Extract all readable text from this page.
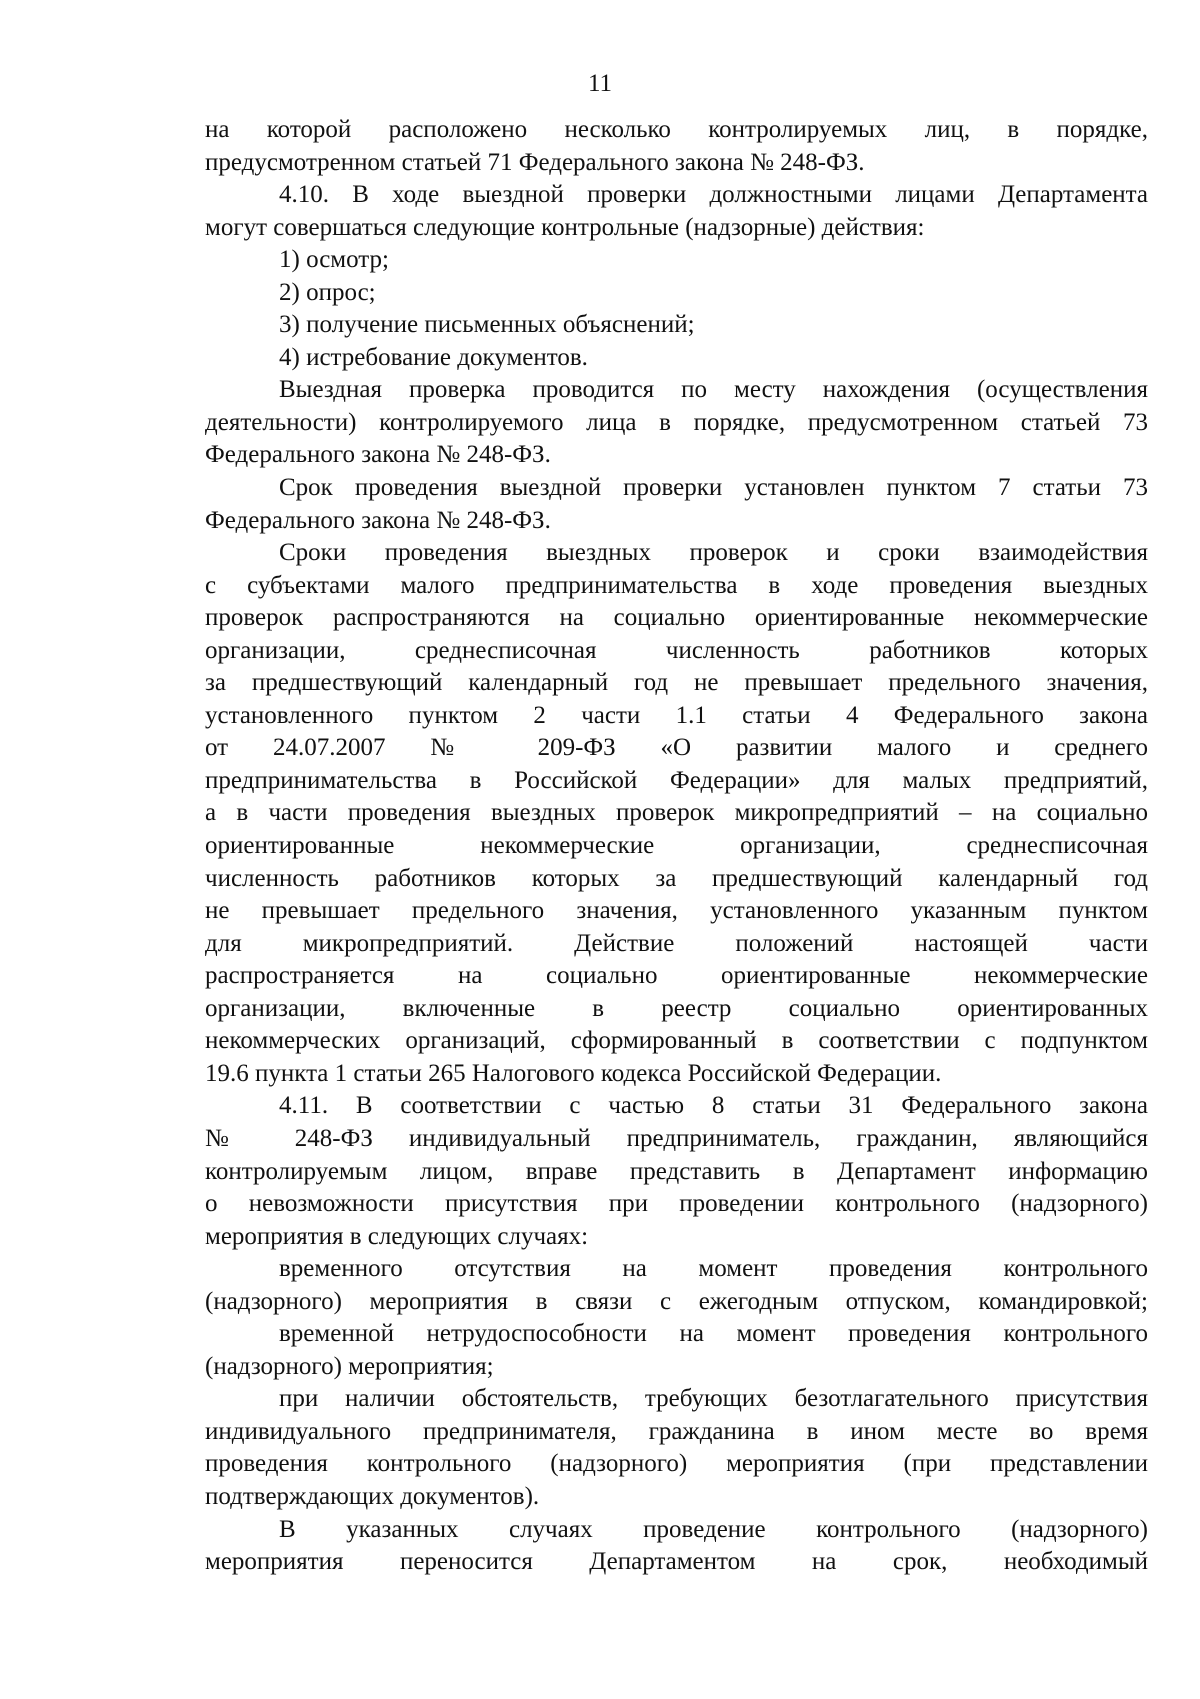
11
на которой расположено несколько контролируемых лиц, в порядке,
предусмотренном статьей 71 Федерального закона № 248-ФЗ.
4.10. В ходе выездной проверки должностными лицами Департамента
могут совершаться следующие контрольные (надзорные) действия:
1) осмотр;
2) опрос;
3) получение письменных объяснений;
4) истребование документов.
Выездная проверка проводится по месту нахождения (осуществления
деятельности) контролируемого лица в порядке, предусмотренном статьей 73
Федерального закона № 248-ФЗ.
Срок проведения выездной проверки установлен пунктом 7 статьи 73
Федерального закона № 248-ФЗ.
Сроки проведения выездных проверок и сроки взаимодействия
с субъектами малого предпринимательства в ходе проведения выездных
проверок распространяются на социально ориентированные некоммерческие
организации, среднесписочная численность работников которых
за предшествующий календарный год не превышает предельного значения,
установленного пунктом 2 части 1.1 статьи 4 Федерального закона
от 24.07.2007 № 209-ФЗ «О развитии малого и среднего
предпринимательства в Российской Федерации» для малых предприятий,
а в части проведения выездных проверок микропредприятий – на социально
ориентированные некоммерческие организации, среднесписочная
численность работников которых за предшествующий календарный год
не превышает предельного значения, установленного указанным пунктом
для микропредприятий. Действие положений настоящей части
распространяется на социально ориентированные некоммерческие
организации, включенные в реестр социально ориентированных
некоммерческих организаций, сформированный в соответствии с подпунктом
19.6 пункта 1 статьи 265 Налогового кодекса Российской Федерации.
4.11. В соответствии с частью 8 статьи 31 Федерального закона
№ 248-ФЗ индивидуальный предприниматель, гражданин, являющийся
контролируемым лицом, вправе представить в Департамент информацию
о невозможности присутствия при проведении контрольного (надзорного)
мероприятия в следующих случаях:
временного отсутствия на момент проведения контрольного
(надзорного) мероприятия в связи с ежегодным отпуском, командировкой;
временной нетрудоспособности на момент проведения контрольного
(надзорного) мероприятия;
при наличии обстоятельств, требующих безотлагательного присутствия
индивидуального предпринимателя, гражданина в ином месте во время
проведения контрольного (надзорного) мероприятия (при представлении
подтверждающих документов).
В указанных случаях проведение контрольного (надзорного)
мероприятия переносится Департаментом на срок, необходимый
